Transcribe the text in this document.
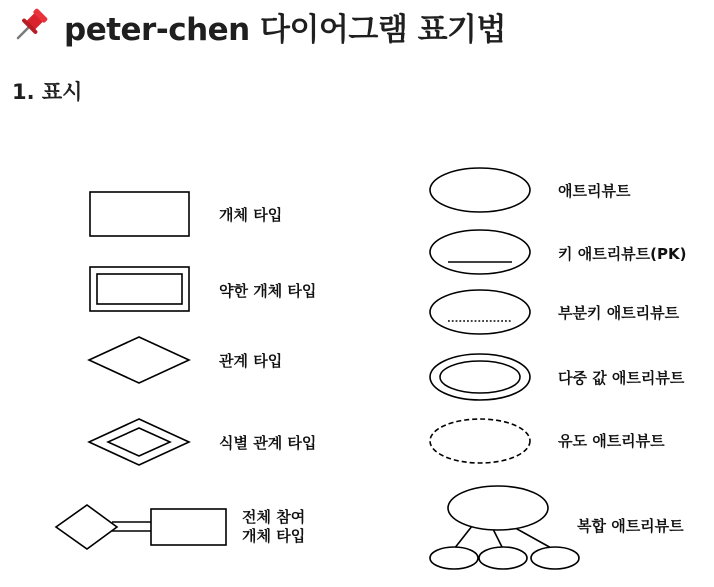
peter-chen 다이어그램 표기법
1. 표시
개체 타입
약한 개체 타입
관계 타입
식별 관계 타입
전체 참여
개체 타입
애트리뷰트
키 애트리뷰트(PK)
부분키 애트리뷰트
다중 값 애트리뷰트
유도 애트리뷰트
복합 애트리뷰트
